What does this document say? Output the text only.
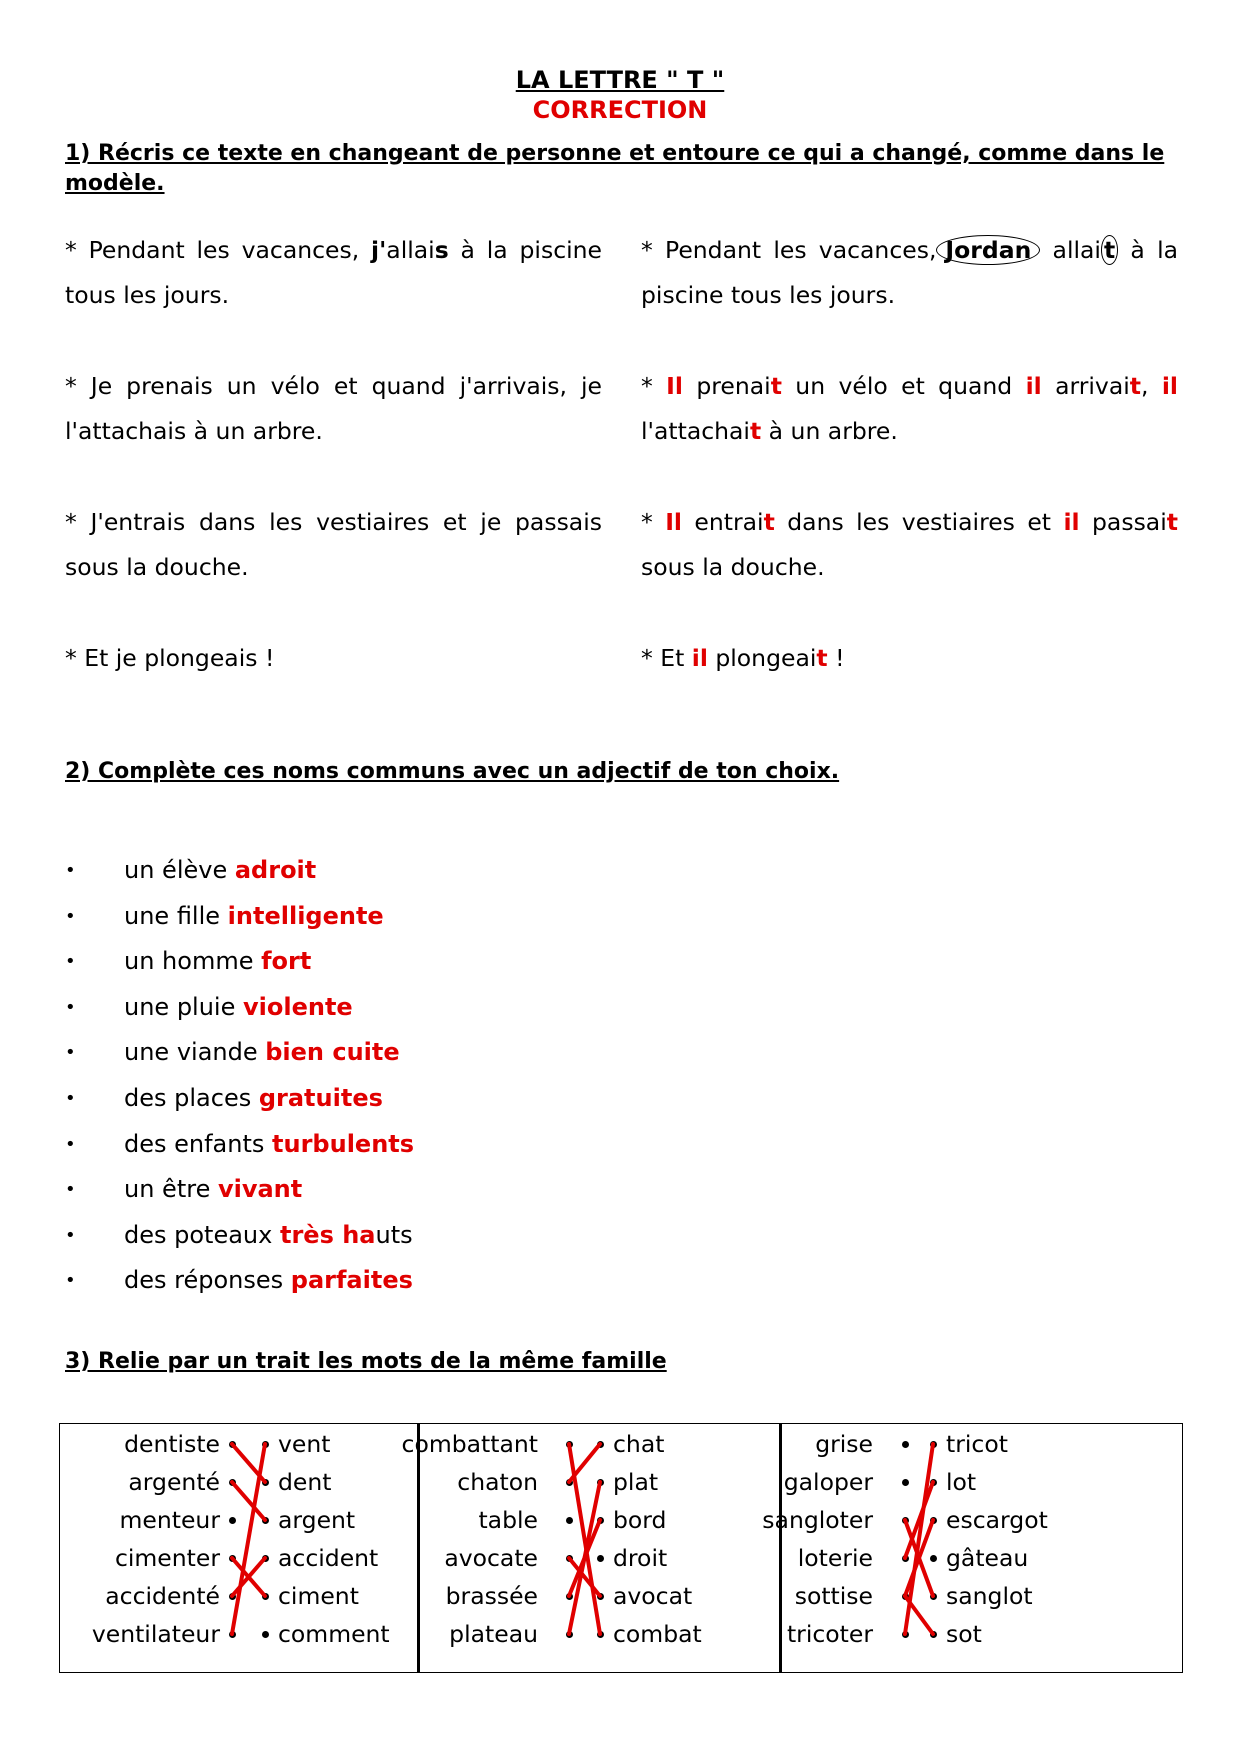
LA LETTRE " T "
CORRECTION
1) Récris ce texte en changeant de personne et entoure ce qui a changé, comme dans le modèle.

* Pendant les vacances, j'allais à la piscine tous les jours.

* Je prenais un vélo et quand j'arrivais, je l'attachais à un arbre.

* J'entrais dans les vestiaires et je passais sous la douche.

* Et je plongeais !

* Pendant les vacances, Jordan allai t à la piscine tous les jours.

* Il prenait un vélo et quand il arrivait, il l'attachait à un arbre.

* Il entrait dans les vestiaires et il passait sous la douche.

* Et il plongeait !

2) Complète ces noms communs avec un adjectif de ton choix.
• un élève adroit
• une fille intelligente
• un homme fort
• une pluie violente
• une viande bien cuite
• des places gratuites
• des enfants turbulents
• un être vivant
• des poteaux très hauts
• des réponses parfaites
3) Relie par un trait les mots de la même famille
dentiste
argenté
menteur
cimenter
accidenté
ventilateur
vent
dent
argent
accident
ciment
comment
combattant
chaton
table
avocate
brassée
plateau
chat
plat
bord
droit
avocat
combat
grise
galoper
sangloter
loterie
sottise
tricoter
tricot
lot
escargot
gâteau
sanglot
sot
